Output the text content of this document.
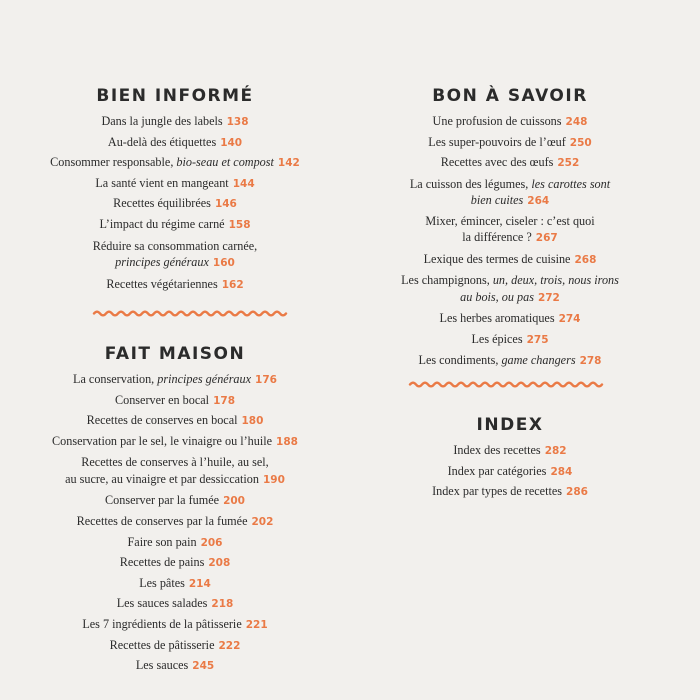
BIEN INFORMÉ
Dans la jungle des labels 138
Au-delà des étiquettes 140
Consommer responsable, bio-seau et compost 142
La santé vient en mangeant 144
Recettes équilibrées 146
L’impact du régime carné 158
Réduire sa consommation carnée,
principes généraux 160
Recettes végétariennes 162
FAIT MAISON
La conservation, principes généraux 176
Conserver en bocal 178
Recettes de conserves en bocal 180
Conservation par le sel, le vinaigre ou l’huile 188
Recettes de conserves à l’huile, au sel,
au sucre, au vinaigre et par dessiccation 190
Conserver par la fumée 200
Recettes de conserves par la fumée 202
Faire son pain 206
Recettes de pains 208
Les pâtes 214
Les sauces salades 218
Les 7 ingrédients de la pâtisserie 221
Recettes de pâtisserie 222
Les sauces 245
BON À SAVOIR
Une profusion de cuissons 248
Les super-pouvoirs de l’œuf 250
Recettes avec des œufs 252
La cuisson des légumes, les carottes sont
bien cuites 264
Mixer, émincer, ciseler : c’est quoi
la différence ? 267
Lexique des termes de cuisine 268
Les champignons, un, deux, trois, nous irons
au bois, ou pas 272
Les herbes aromatiques 274
Les épices 275
Les condiments, game changers 278
INDEX
Index des recettes 282
Index par catégories 284
Index par types de recettes 286
